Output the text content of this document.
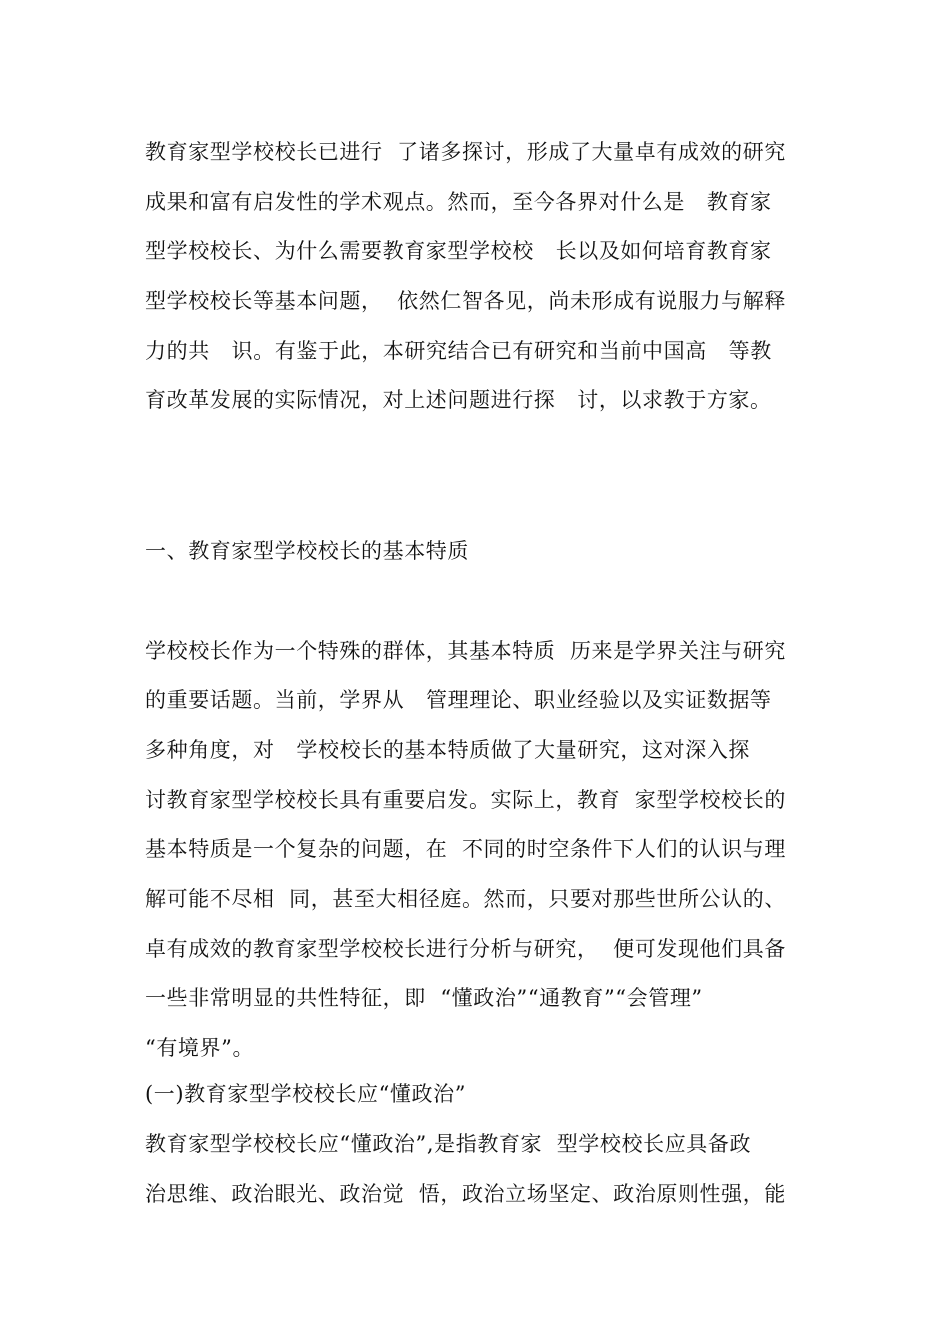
教育家型学校校长已进行  了诸多探讨，形成了大量卓有成效的研究
成果和富有启发性的学术观点。然而，至今各界对什么是   教育家
型学校校长、为什么需要教育家型学校校   长以及如何培育教育家
型学校校长等基本问题，  依然仁智各见，尚未形成有说服力与解释
力的共   识。有鉴于此，本研究结合已有研究和当前中国高   等教
育改革发展的实际情况，对上述问题进行探   讨，以求教于方家。
一、教育家型学校校长的基本特质
学校校长作为一个特殊的群体，其基本特质  历来是学界关注与研究
的重要话题。当前，学界从   管理理论、职业经验以及实证数据等
多种角度，对   学校校长的基本特质做了大量研究，这对深入探
讨教育家型学校校长具有重要启发。实际上，教育  家型学校校长的
基本特质是一个复杂的问题，在  不同的时空条件下人们的认识与理
解可能不尽相  同，甚至大相径庭。然而，只要对那些世所公认的、
卓有成效的教育家型学校校长进行分析与研究，  便可发现他们具备
一些非常明显的共性特征，即  “懂政治”“通教育”“会管理”
“有境界”。
(一)教育家型学校校长应“懂政治”
教育家型学校校长应“懂政治”,是指教育家  型学校校长应具备政
治思维、政治眼光、政治觉  悟，政治立场坚定、政治原则性强，能
